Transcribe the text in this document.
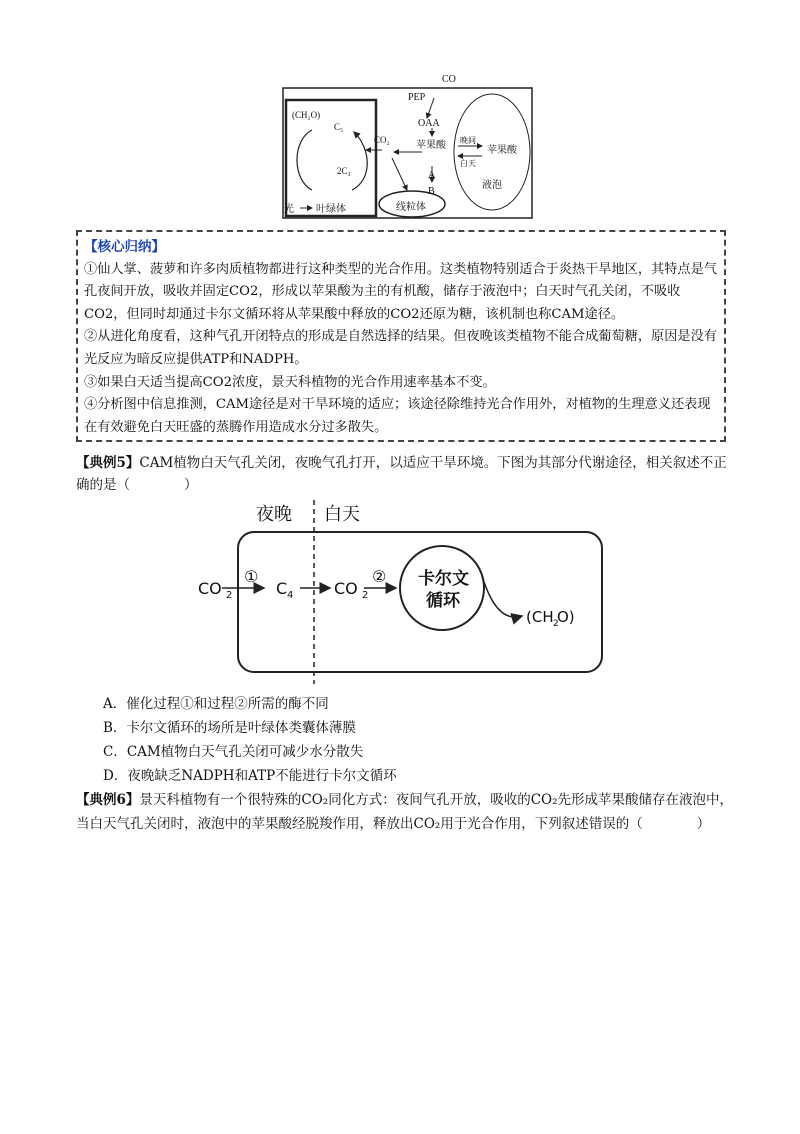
CO
PEP
OAA
苹果酸 晚间
白天
苹果酸
液泡
(CH₂O)
C₅
2C₃
CO₂
A
B
线粒体
光 叶绿体
【核心归纳】

①仙人掌、菠萝和许多肉质植物都进行这种类型的光合作用。这类植物特别适合于炎热干旱地区，其特点是气孔夜间开放，吸收并固定CO2，形成以苹果酸为主的有机酸，储存于液泡中；白天时气孔关闭，不吸收CO2，但同时却通过卡尔文循环将从苹果酸中释放的CO2还原为糖，该机制也称CAM途径。

②从进化角度看，这种气孔开闭特点的形成是自然选择的结果。但夜晚该类植物不能合成葡萄糖，原因是没有光反应为暗反应提供ATP和NADPH。

③如果白天适当提高CO2浓度，景天科植物的光合作用速率基本不变。

④分析图中信息推测，CAM途径是对干旱环境的适应；该途径除维持光合作用外，对植物的生理意义还表现在有效避免白天旺盛的蒸腾作用造成水分过多散失。

【典例5】CAM植物白天气孔关闭，夜晚气孔打开，以适应干旱环境。下图为其部分代谢途径，相关叙述不正确的是（　　　　）
夜晚 白天
CO 2
①
C 4	CO 2
② 卡尔文
循环
(CH 2
O)
A．催化过程①和过程②所需的酶不同
B．卡尔文循环的场所是叶绿体类囊体薄膜
C．CAM植物白天气孔关闭可减少水分散失
D．夜晚缺乏NADPH和ATP不能进行卡尔文循环
【典例6】景天科植物有一个很特殊的CO₂同化方式：夜间气孔开放，吸收的CO₂先形成苹果酸储存在液泡中，当白天气孔关闭时，液泡中的苹果酸经脱羧作用，释放出CO₂用于光合作用，下列叙述错误的（　　　　）
